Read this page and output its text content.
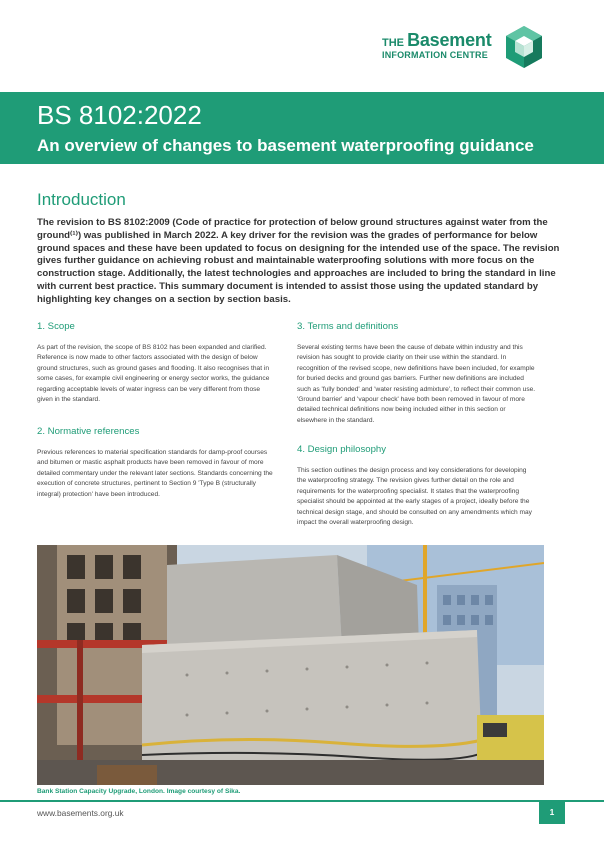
THE Basement
INFORMATION CENTRE
BS 8102:2022
An overview of changes to basement waterproofing guidance
Introduction

The revision to BS 8102:2009 (Code of practice for protection of below ground structures against water from the ground⁽¹⁾) was published in March 2022. A key driver for the revision was the grades of performance for below ground spaces and these have been updated to focus on designing for the intended use of the space. The revision gives further guidance on achieving robust and maintainable waterproofing solutions with more focus on the construction stage. Additionally, the latest technologies and approaches are included to bring the standard in line with current best practice. This summary document is intended to assist those using the updated standard by highlighting key changes on a section by section basis.

1. Scope

As part of the revision, the scope of BS 8102 has been expanded and clarified. Reference is now made to other factors associated with the design of below ground structures, such as ground gases and flooding. It also recognises that in some cases, for example civil engineering or energy sector works, the guidance regarding acceptable levels of water ingress can be very different from those given in the standard.

2. Normative references

Previous references to material specification standards for damp-proof courses and bitumen or mastic asphalt products have been removed in favour of more detailed commentary under the relevant later sections. Standards concerning the execution of concrete structures, pertinent to Section 9 'Type B (structurally integral) protection' have been introduced.

3. Terms and definitions

Several existing terms have been the cause of debate within industry and this revision has sought to provide clarity on their use within the standard. In recognition of the revised scope, new definitions have been included, for example for buried decks and ground gas barriers. Further new definitions are included such as 'fully bonded' and 'water resisting admixture', to reflect their common use. 'Ground barrier' and 'vapour check' have both been removed in favour of more detailed technical definitions now being included either in this section or elsewhere in the standard.

4. Design philosophy

This section outlines the design process and key considerations for developing the waterproofing strategy. The revision gives further detail on the role and requirements for the waterproofing specialist. It states that the waterproofing specialist should be appointed at the early stages of a project, ideally before the technical design stage, and should be consulted on any amendments which may impact the overall waterproofing design.

Bank Station Capacity Upgrade, London. Image courtesy of Sika.
www.basements.org.uk	1
